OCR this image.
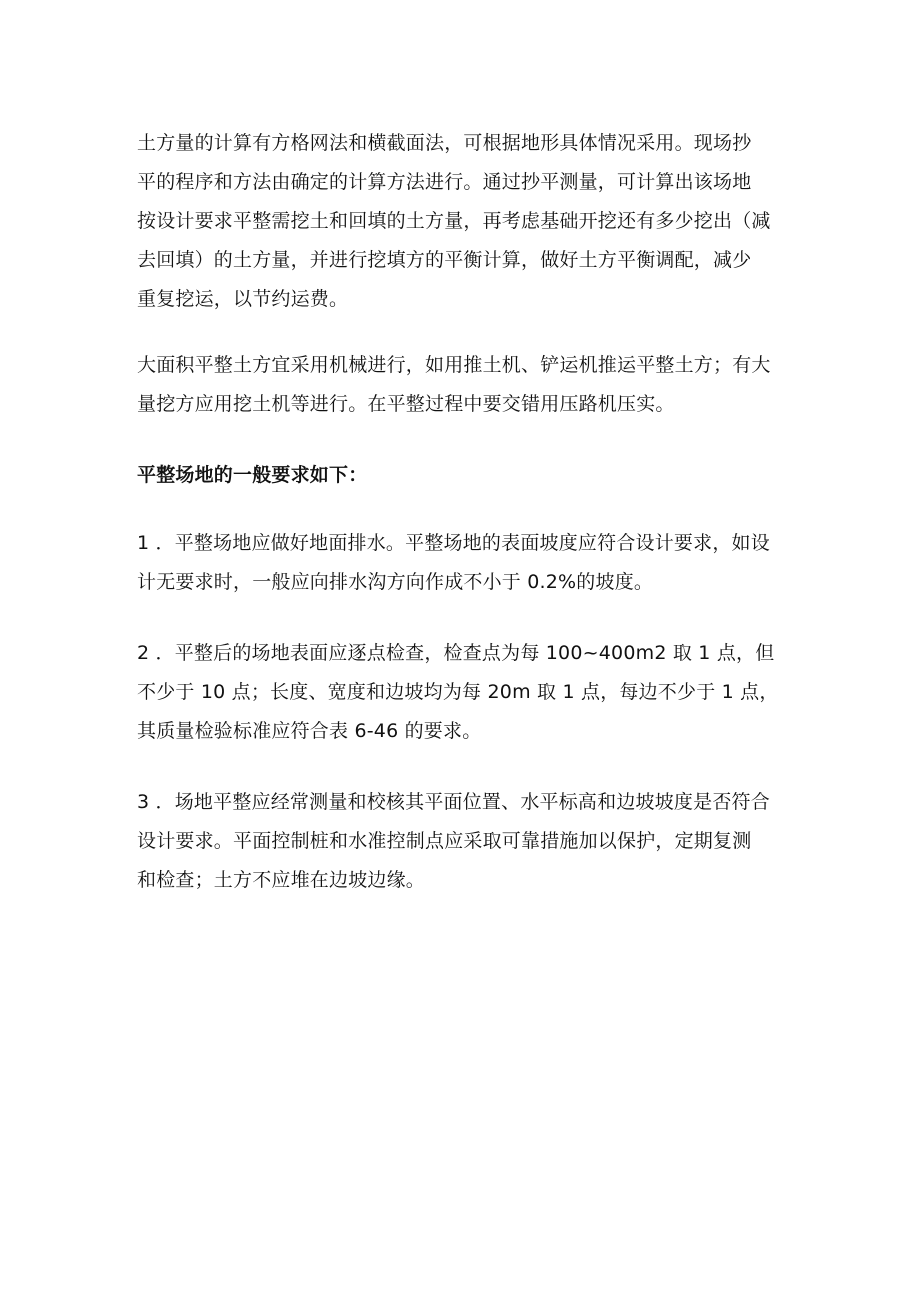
土方量的计算有方格网法和横截面法，可根据地形具体情况采用。现场抄
平的程序和方法由确定的计算方法进行。通过抄平测量，可计算出该场地
按设计要求平整需挖土和回填的土方量，再考虑基础开挖还有多少挖出（减
去回填）的土方量，并进行挖填方的平衡计算，做好土方平衡调配，减少
重复挖运，以节约运费。

大面积平整土方宜采用机械进行，如用推土机、铲运机推运平整土方；有大
量挖方应用挖土机等进行。在平整过程中要交错用压路机压实。

平整场地的一般要求如下：

1 ．平整场地应做好地面排水。平整场地的表面坡度应符合设计要求，如设
计无要求时，一般应向排水沟方向作成不小于 0.2%的坡度。

2 ．平整后的场地表面应逐点检查，检查点为每 100~400m2 取 1 点，但
不少于 10 点；长度、宽度和边坡均为每 20m 取 1 点，每边不少于 1 点，
其质量检验标准应符合表 6-46 的要求。

3 ．场地平整应经常测量和校核其平面位置、水平标高和边坡坡度是否符合
设计要求。平面控制桩和水准控制点应采取可靠措施加以保护，定期复测
和检查；土方不应堆在边坡边缘。
